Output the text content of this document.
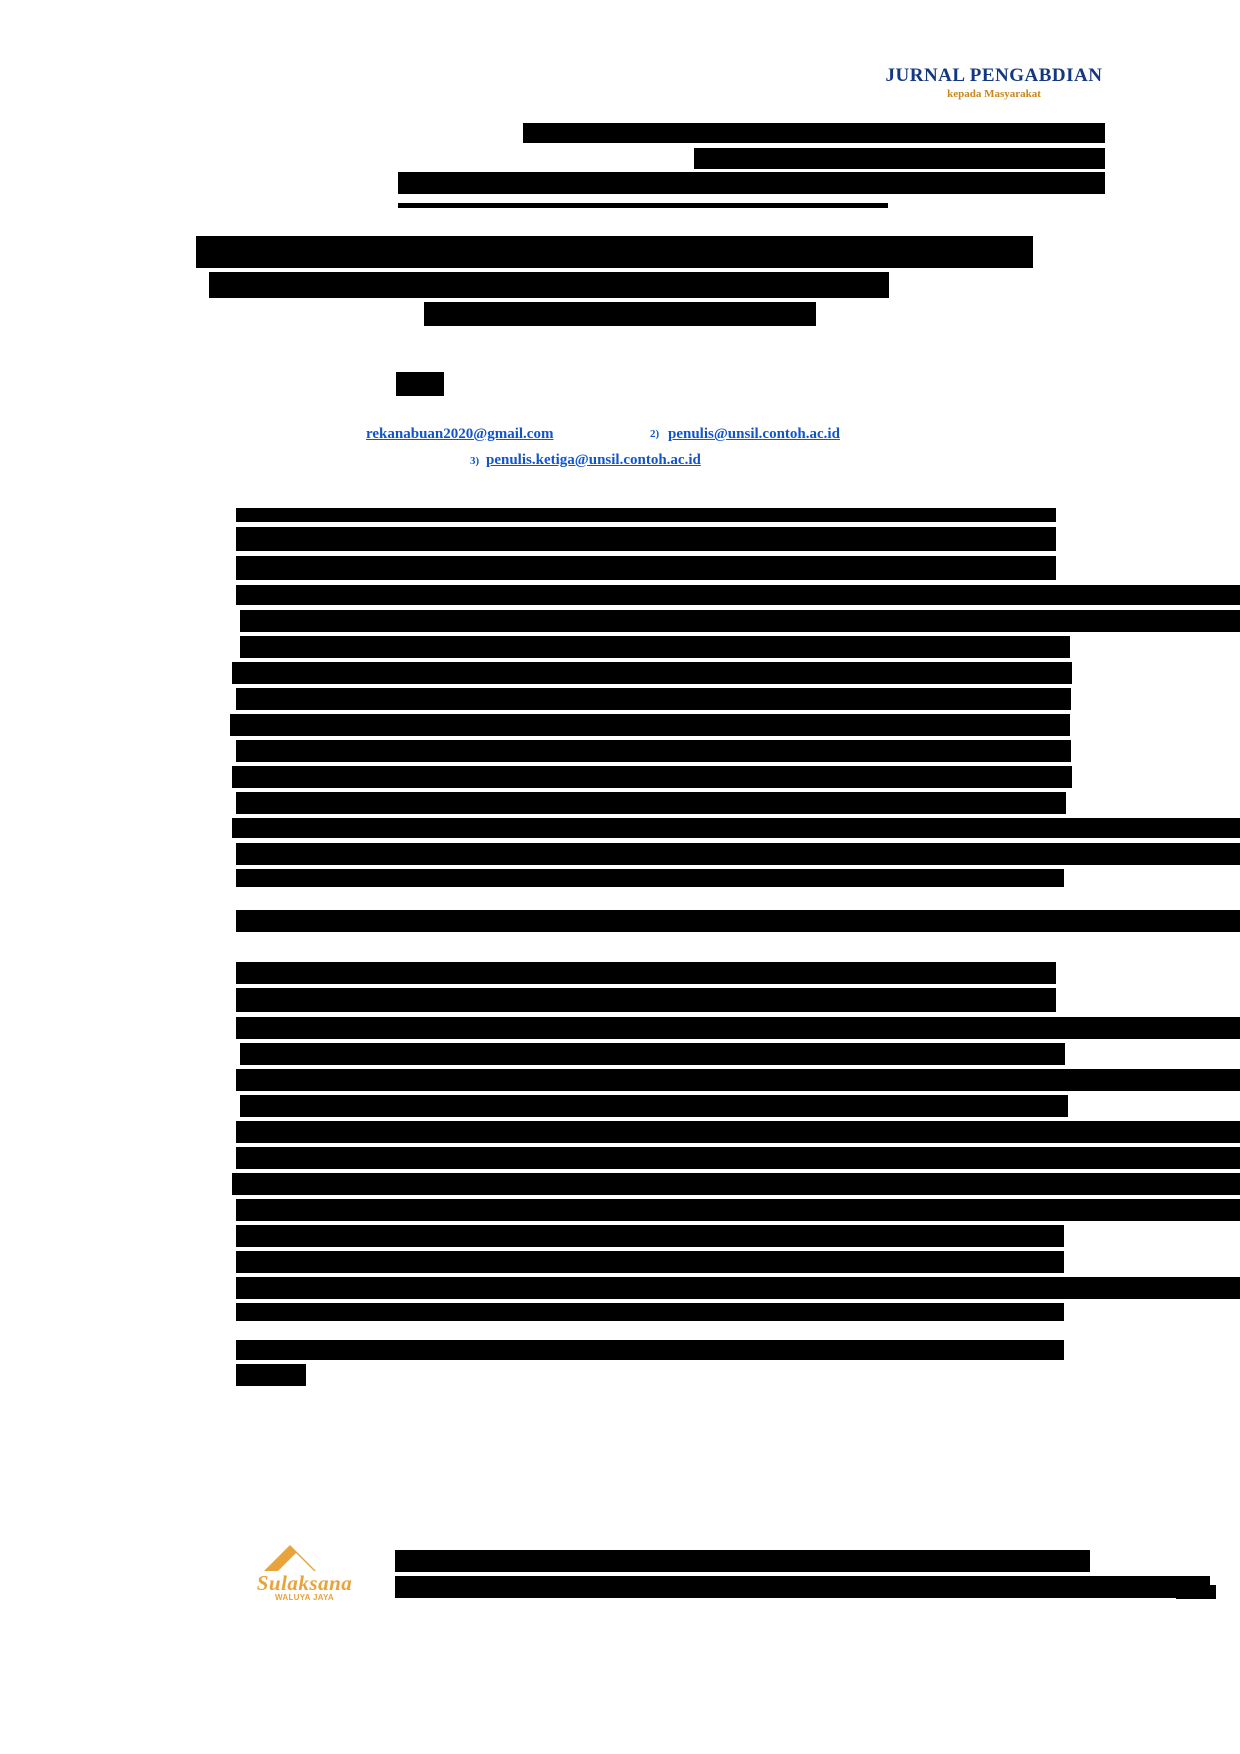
JURNAL PENGABDIAN
kepada Masyarakat
rekanabuan2020@gmail.com	2) penulis@unsil.contoh.ac.id
3) penulis.ketiga@unsil.contoh.ac.id
Sulaksana
WALUYA JAYA
